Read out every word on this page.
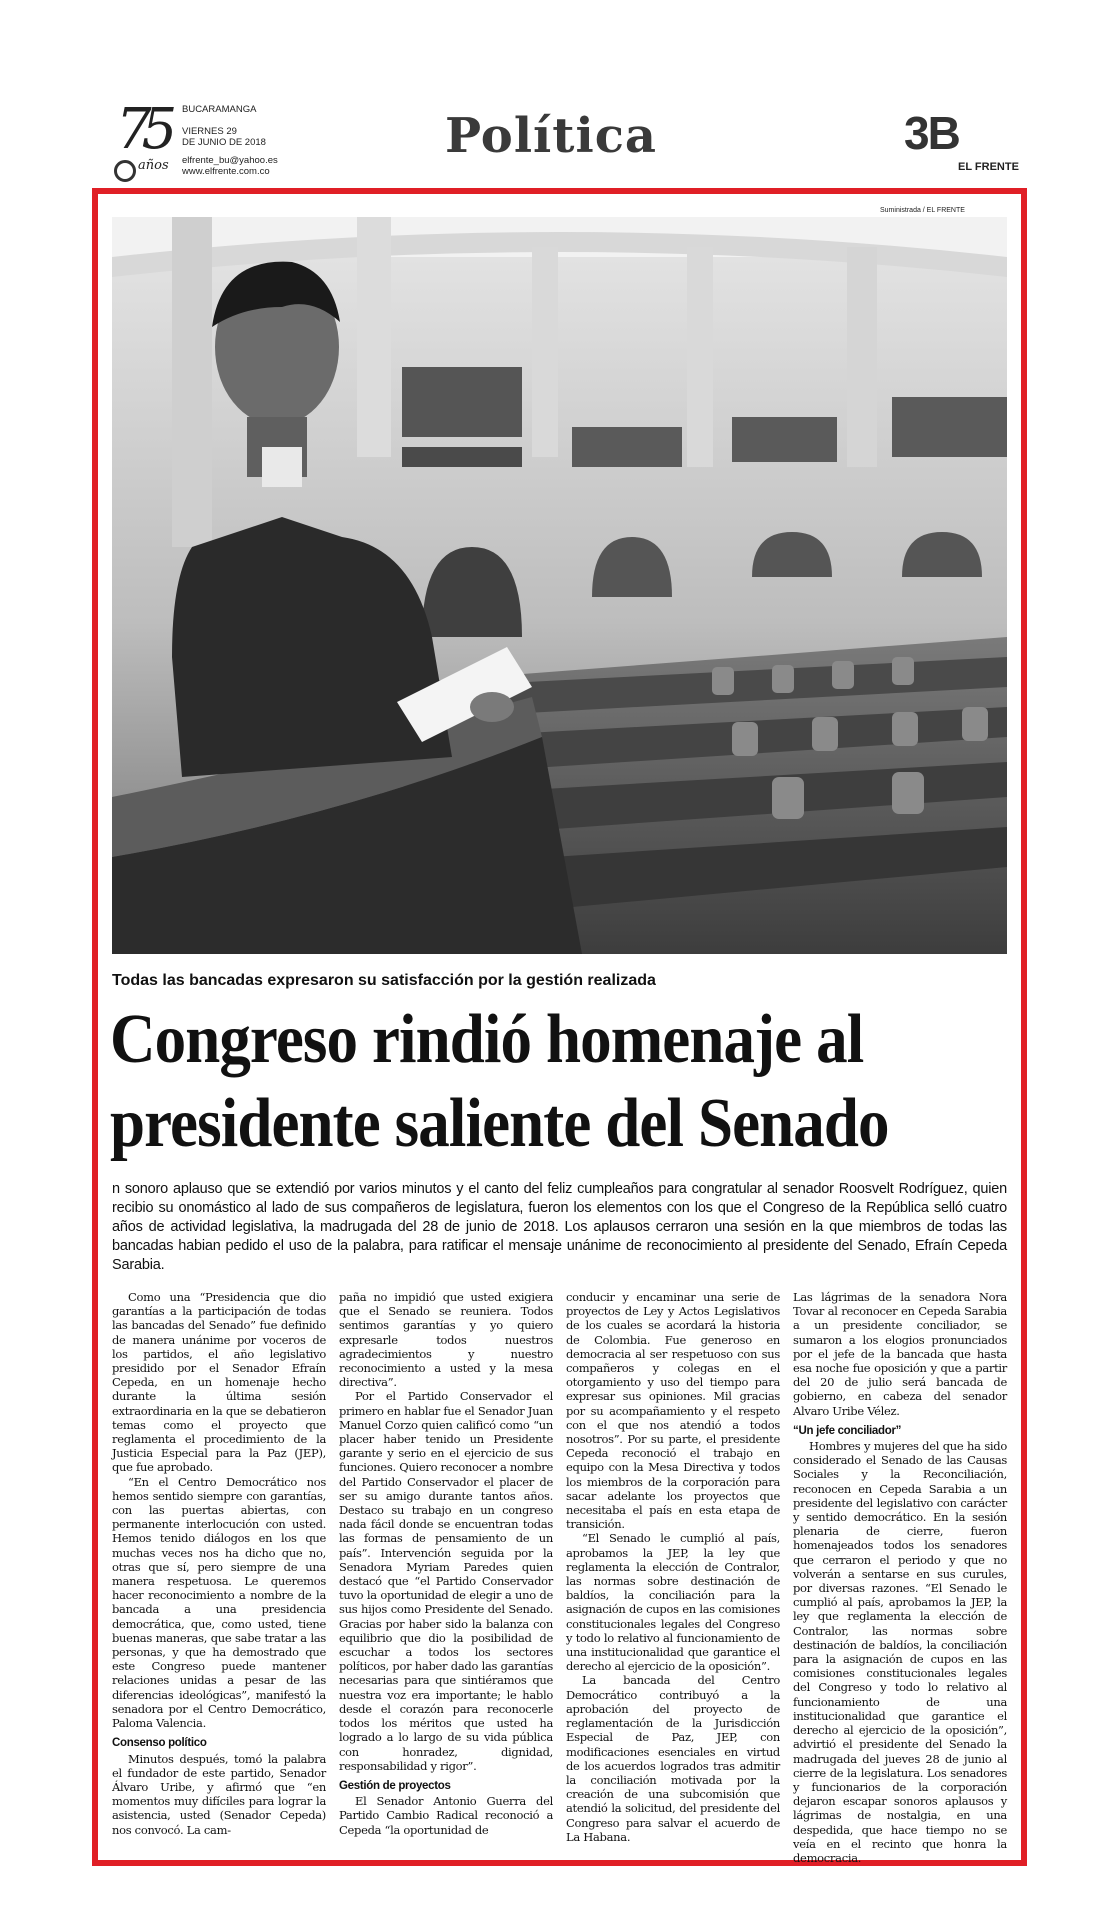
75
años
BUCARAMANGA
VIERNES 29
DE JUNIO DE 2018
elfrente_bu@yahoo.es
www.elfrente.com.co
Política	3B
EL FRENTE
Suministrada / EL FRENTE
Todas las bancadas expresaron su satisfacción por la gestión realizada
Congreso rindió homenaje al
presidente saliente del Senado
n sonoro aplauso que se extendió por varios minutos y el canto del feliz cumpleaños para congratular al senador Roosvelt Rodríguez, quien recibio su onomástico al lado de sus compañeros de legislatura, fueron los elementos con los que el Congreso de la República selló cuatro años de actividad legislativa, la madrugada del 28 de junio de 2018. Los aplausos cerraron una sesión en la que miembros de todas las bancadas habian pedido el uso de la palabra, para ratificar el mensaje unánime de reconocimiento al presidente del Senado, Efraín Cepeda Sarabia.

Como una “Presidencia que dio garantías a la participación de todas las bancadas del Senado” fue definido de manera unánime por voceros de los partidos, el año legislativo presidido por el Senador Efraín Cepeda, en un homenaje hecho durante la última sesión extraordinaria en la que se debatieron temas como el proyecto que reglamenta el procedimiento de la Justicia Especial para la Paz (JEP), que fue aprobado.

“En el Centro Democrático nos hemos sentido siempre con garantías, con las puertas abiertas, con permanente interlocución con usted. Hemos tenido diálogos en los que muchas veces nos ha dicho que no, otras que sí, pero siempre de una manera respetuosa. Le queremos hacer reconocimiento a nombre de la bancada a una presidencia democrática, que, como usted, tiene buenas maneras, que sabe tratar a las personas, y que ha demostrado que este Congreso puede mantener relaciones unidas a pesar de las diferencias ideológicas”, manifestó la senadora por el Centro Democrático, Paloma Valencia.

Consenso político

Minutos después, tomó la palabra el fundador de este partido, Senador Álvaro Uribe, y afirmó que “en momentos muy difíciles para lograr la asistencia, usted (Senador Cepeda) nos convocó. La cam-

paña no impidió que usted exigiera que el Senado se reuniera. Todos sentimos garantías y yo quiero expresarle todos nuestros agradecimientos y nuestro reconocimiento a usted y la mesa directiva”.

Por el Partido Conservador el primero en hablar fue el Senador Juan Manuel Corzo quien calificó como “un placer haber tenido un Presidente garante y serio en el ejercicio de sus funciones. Quiero reconocer a nombre del Partido Conservador el placer de ser su amigo durante tantos años. Destaco su trabajo en un congreso nada fácil donde se encuentran todas las formas de pensamiento de un país”. Intervención seguida por la Senadora Myriam Paredes quien destacó que “el Partido Conservador tuvo la oportunidad de elegir a uno de sus hijos como Presidente del Senado. Gracias por haber sido la balanza con equilibrio que dio la posibilidad de escuchar a todos los sectores políticos, por haber dado las garantías necesarias para que sintiéramos que nuestra voz era importante; le hablo desde el corazón para reconocerle todos los méritos que usted ha logrado a lo largo de su vida pública con honradez, dignidad, responsabilidad y rigor”.

Gestión de proyectos

El Senador Antonio Guerra del Partido Cambio Radical reconoció a Cepeda “la oportunidad de

conducir y encaminar una serie de proyectos de Ley y Actos Legislativos de los cuales se acordará la historia de Colombia. Fue generoso en democracia al ser respetuoso con sus compañeros y colegas en el otorgamiento y uso del tiempo para expresar sus opiniones. Mil gracias por su acompañamiento y el respeto con el que nos atendió a todos nosotros”. Por su parte, el presidente Cepeda reconoció el trabajo en equipo con la Mesa Directiva y todos los miembros de la corporación para sacar adelante los proyectos que necesitaba el país en esta etapa de transición.

“El Senado le cumplió al país, aprobamos la JEP, la ley que reglamenta la elección de Contralor, las normas sobre destinación de baldíos, la conciliación para la asignación de cupos en las comisiones constitucionales legales del Congreso y todo lo relativo al funcionamiento de una institucionalidad que garantice el derecho al ejercicio de la oposición”.

La bancada del Centro Democrático contribuyó a la aprobación del proyecto de reglamentación de la Jurisdicción Especial de Paz, JEP, con modificaciones esenciales en virtud de los acuerdos logrados tras admitir la conciliación motivada por la creación de una subcomisión que atendió la solicitud, del presidente del Congreso para salvar el acuerdo de La Habana.

Las lágrimas de la senadora Nora Tovar al reconocer en Cepeda Sarabia a un presidente conciliador, se sumaron a los elogios pronunciados por el jefe de la bancada que hasta esa noche fue oposición y que a partir del 20 de julio será bancada de gobierno, en cabeza del senador Alvaro Uribe Vélez.

“Un jefe conciliador”

Hombres y mujeres del que ha sido considerado el Senado de las Causas Sociales y la Reconciliación, reconocen en Cepeda Sarabia a un presidente del legislativo con carácter y sentido democrático. En la sesión plenaria de cierre, fueron homenajeados todos los senadores que cerraron el periodo y que no volverán a sentarse en sus curules, por diversas razones. “El Senado le cumplió al país, aprobamos la JEP, la ley que reglamenta la elección de Contralor, las normas sobre destinación de baldíos, la conciliación para la asignación de cupos en las comisiones constitucionales legales del Congreso y todo lo relativo al funcionamiento de una institucionalidad que garantice el derecho al ejercicio de la oposición”, advirtió el presidente del Senado la madrugada del jueves 28 de junio al cierre de la legislatura. Los senadores y funcionarios de la corporación dejaron escapar sonoros aplausos y lágrimas de nostalgia, en una despedida, que hace tiempo no se veía en el recinto que honra la democracia.
